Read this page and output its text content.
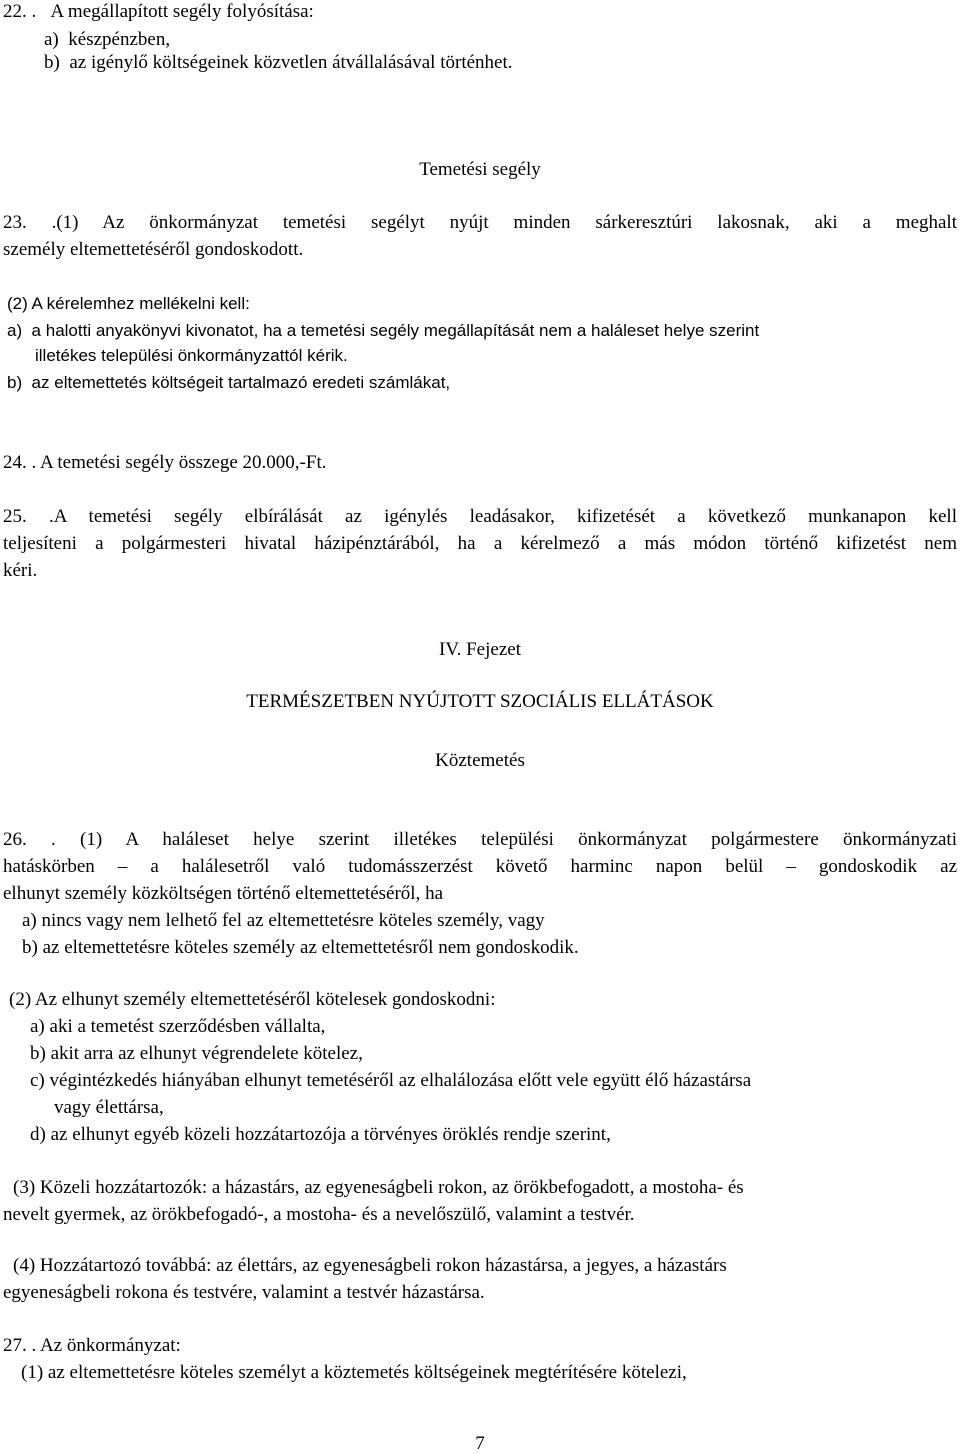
22. .   A megállapított segély folyósítása:
a)  készpénzben,
b)  az igénylő költségeinek közvetlen átvállalásával történhet.
Temetési segély
23. .(1) Az önkormányzat temetési segélyt nyújt minden sárkeresztúri lakosnak, aki a meghalt
személy eltemettetéséről gondoskodott.
(2) A kérelemhez mellékelni kell:
a)  a halotti anyakönyvi kivonatot, ha a temetési segély megállapítását nem a haláleset helye szerint
illetékes települési önkormányzattól kérik.
b)  az eltemettetés költségeit tartalmazó eredeti számlákat,
24. . A temetési segély összege 20.000,-Ft.
25. .A temetési segély elbírálását az igénylés leadásakor, kifizetését a következő munkanapon kell
teljesíteni a polgármesteri hivatal házipénztárából, ha a kérelmező a más módon történő kifizetést nem
kéri.
IV. Fejezet
TERMÉSZETBEN NYÚJTOTT SZOCIÁLIS ELLÁTÁSOK
Köztemetés
26. . (1) A haláleset helye szerint illetékes települési önkormányzat polgármestere önkormányzati
hatáskörben – a halálesetről való tudomásszerzést követő harminc napon belül – gondoskodik az
elhunyt személy közköltségen történő eltemettetéséről, ha
a) nincs vagy nem lelhető fel az eltemettetésre köteles személy, vagy
b) az eltemettetésre köteles személy az eltemettetésről nem gondoskodik.
(2) Az elhunyt személy eltemettetéséről kötelesek gondoskodni:
a) aki a temetést szerződésben vállalta,
b) akit arra az elhunyt végrendelete kötelez,
c) végintézkedés hiányában elhunyt temetéséről az elhalálozása előtt vele együtt élő házastársa
vagy élettársa,
d) az elhunyt egyéb közeli hozzátartozója a törvényes öröklés rendje szerint,
(3) Közeli hozzátartozók: a házastárs, az egyeneságbeli rokon, az örökbefogadott, a mostoha- és
nevelt gyermek, az örökbefogadó-, a mostoha- és a nevelőszülő, valamint a testvér.
(4) Hozzátartozó továbbá: az élettárs, az egyeneságbeli rokon házastársa, a jegyes, a házastárs
egyeneságbeli rokona és testvére, valamint a testvér házastársa.
27. . Az önkormányzat:
(1) az eltemettetésre köteles személyt a köztemetés költségeinek megtérítésére kötelezi,
7
